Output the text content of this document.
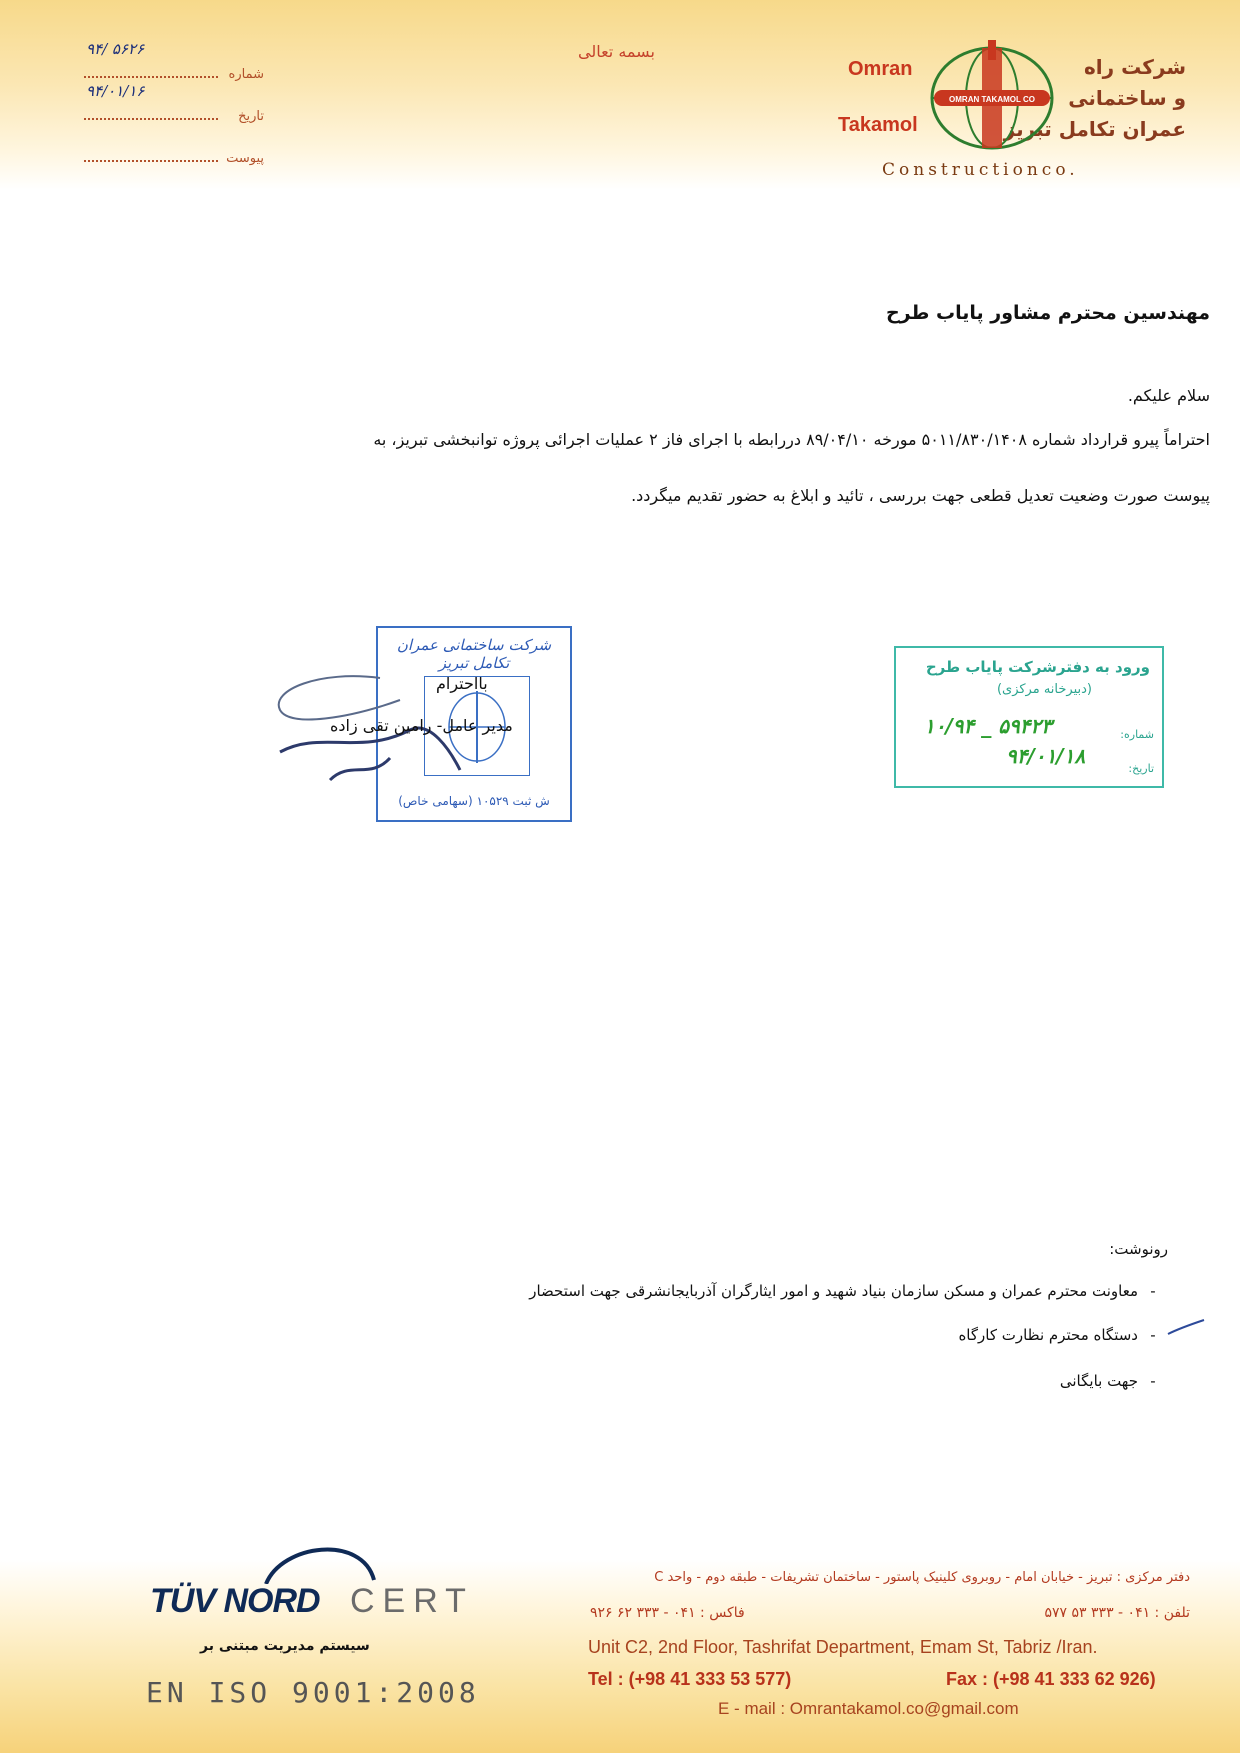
شماره
۹۴/ ۵۶۲۶
تاریخ
۹۴/۰۱/۱۶
پیوست
بسمه تعالی
شرکت راه
و ساختمانی
عمران تکامل تبریز
Omran
Takamol
OMRAN TAKAMOL CO
Constructionco.
مهندسین محترم مشاور پایاب طرح
سلام علیکم.
احتراماً پیرو قرارداد شماره ۵۰۱۱/۸۳۰/۱۴۰۸ مورخه ۸۹/۰۴/۱۰ دررابطه با اجرای فاز ۲ عملیات اجرائی پروژه توانبخشی تبریز، به
پیوست صورت وضعیت تعدیل قطعی جهت بررسی ، تائید و ابلاغ به حضور تقدیم میگردد.
شرکت ساختمانی عمران تکامل تبریز
(سهامی خاص) ش ثبت ۱۰۵۲۹
بااحترام
مدیر عامل- رامین تقی زاده
ورود به دفترشرکت پایاب طرح
(دبیرخانه مرکزی)
شماره:
۱۰/۹۴ _ ۵۹۴۲۳
تاریخ:
۹۴/۰۱/۱۸
رونوشت:
-معاونت محترم عمران و مسکن سازمان بنیاد شهید و امور ایثارگران آذربایجانشرقی جهت استحضار
-دستگاه محترم نظارت کارگاه
-جهت بایگانی
TÜV NORD CERT
سیستم مدیریت مبتنی بر
EN ISO 9001:2008
دفتر مرکزی : تبریز - خیابان امام - روبروی کلینیک پاستور - ساختمان تشریفات - طبقه دوم - واحد C
تلفن : ۰۴۱ - ۳۳۳ ۵۳ ۵۷۷
فاکس : ۰۴۱ - ۳۳۳ ۶۲ ۹۲۶
Unit C2, 2nd Floor, Tashrifat Department, Emam St, Tabriz /Iran.
Tel : (+98 41 333 53 577)	Fax : (+98 41 333 62 926)
E - mail : Omrantakamol.co@gmail.com
